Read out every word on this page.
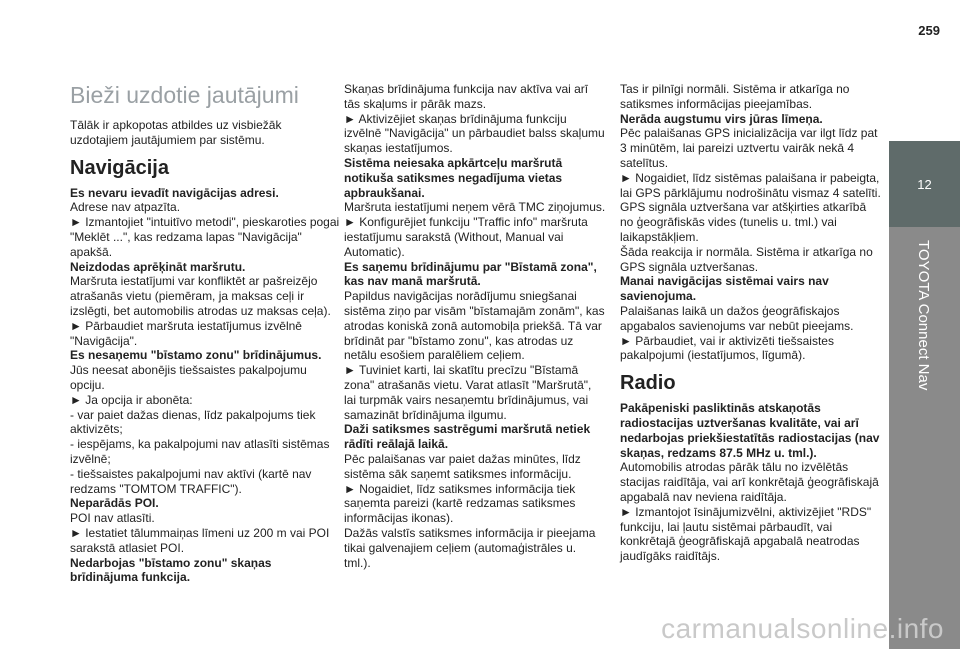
259
12
TOYOTA Connect Nav
Bieži uzdotie jautājumi

Tālāk ir apkopotas atbildes uz visbiežāk uzdotajiem jautājumiem par sistēmu.

Navigācija

Es nevaru ievadīt navigācijas adresi.

Adrese nav atpazīta.

► Izmantojiet "intuitīvo metodi", pieskaroties pogai "Meklēt ...", kas redzama lapas "Navigācija" apakšā.

Neizdodas aprēķināt maršrutu.

Maršruta iestatījumi var konfliktēt ar pašreizējo atrašanās vietu (piemēram, ja maksas ceļi ir izslēgti, bet automobilis atrodas uz maksas ceļa).

► Pārbaudiet maršruta iestatījumus izvēlnē "Navigācija".

Es nesaņemu "bīstamo zonu" brīdinājumus.

Jūs neesat abonējis tiešsaistes pakalpojumu opciju.

► Ja opcija ir abonēta:

- var paiet dažas dienas, līdz pakalpojums tiek aktivizēts;

- iespējams, ka pakalpojumi nav atlasīti sistēmas izvēlnē;

- tiešsaistes pakalpojumi nav aktīvi (kartē nav redzams "TOMTOM TRAFFIC").

Neparādās POI.

POI nav atlasīti.

► Iestatiet tālummaiņas līmeni uz 200 m vai POI sarakstā atlasiet POI.

Nedarbojas "bīstamo zonu" skaņas brīdinājuma funkcija.

Skaņas brīdinājuma funkcija nav aktīva vai arī tās skaļums ir pārāk mazs.

► Aktivizējiet skaņas brīdinājuma funkciju izvēlnē "Navigācija" un pārbaudiet balss skaļumu skaņas iestatījumos.

Sistēma neiesaka apkārtceļu maršrutā notikuša satiksmes negadījuma vietas apbraukšanai.

Maršruta iestatījumi neņem vērā TMC ziņojumus.

► Konfigurējiet funkciju "Traffic info" maršruta iestatījumu sarakstā (Without, Manual vai Automatic).

Es saņemu brīdinājumu par "Bīstamā zona", kas nav manā maršrutā.

Papildus navigācijas norādījumu sniegšanai sistēma ziņo par visām "bīstamajām zonām", kas atrodas koniskā zonā automobiļa priekšā. Tā var brīdināt par "bīstamo zonu", kas atrodas uz netālu esošiem paralēliem ceļiem.

► Tuviniet karti, lai skatītu precīzu "Bīstamā zona" atrašanās vietu. Varat atlasīt "Maršrutā", lai turpmāk vairs nesaņemtu brīdinājumus, vai samazināt brīdinājuma ilgumu.

Daži satiksmes sastrēgumi maršrutā netiek rādīti reālajā laikā.

Pēc palaišanas var paiet dažas minūtes, līdz sistēma sāk saņemt satiksmes informāciju.

► Nogaidiet, līdz satiksmes informācija tiek saņemta pareizi (kartē redzamas satiksmes informācijas ikonas).

Dažās valstīs satiksmes informācija ir pieejama tikai galvenajiem ceļiem (automaģistrāles u. tml.).

Tas ir pilnīgi normāli. Sistēma ir atkarīga no satiksmes informācijas pieejamības.

Nerāda augstumu virs jūras līmeņa.

Pēc palaišanas GPS inicializācija var ilgt līdz pat 3 minūtēm, lai pareizi uztvertu vairāk nekā 4 satelītus.

► Nogaidiet, līdz sistēmas palaišana ir pabeigta, lai GPS pārklājumu nodrošinātu vismaz 4 satelīti.

GPS signāla uztveršana var atšķirties atkarībā no ģeogrāfiskās vides (tunelis u. tml.) vai laikapstākļiem.

Šāda reakcija ir normāla. Sistēma ir atkarīga no GPS signāla uztveršanas.

Manai navigācijas sistēmai vairs nav savienojuma.

Palaišanas laikā un dažos ģeogrāfiskajos apgabalos savienojums var nebūt pieejams.

► Pārbaudiet, vai ir aktivizēti tiešsaistes pakalpojumi (iestatījumos, līgumā).

Radio

Pakāpeniski pasliktinās atskaņotās radiostacijas uztveršanas kvalitāte, vai arī nedarbojas priekšiestatītās radiostacijas (nav skaņas, redzams 87.5 MHz u. tml.).

Automobilis atrodas pārāk tālu no izvēlētās stacijas raidītāja, vai arī konkrētajā ģeogrāfiskajā apgabalā nav neviena raidītāja.

► Izmantojot īsinājumizvēlni, aktivizējiet "RDS" funkciju, lai ļautu sistēmai pārbaudīt, vai konkrētajā ģeogrāfiskajā apgabalā neatrodas jaudīgāks raidītājs.

carmanualsonline.info
